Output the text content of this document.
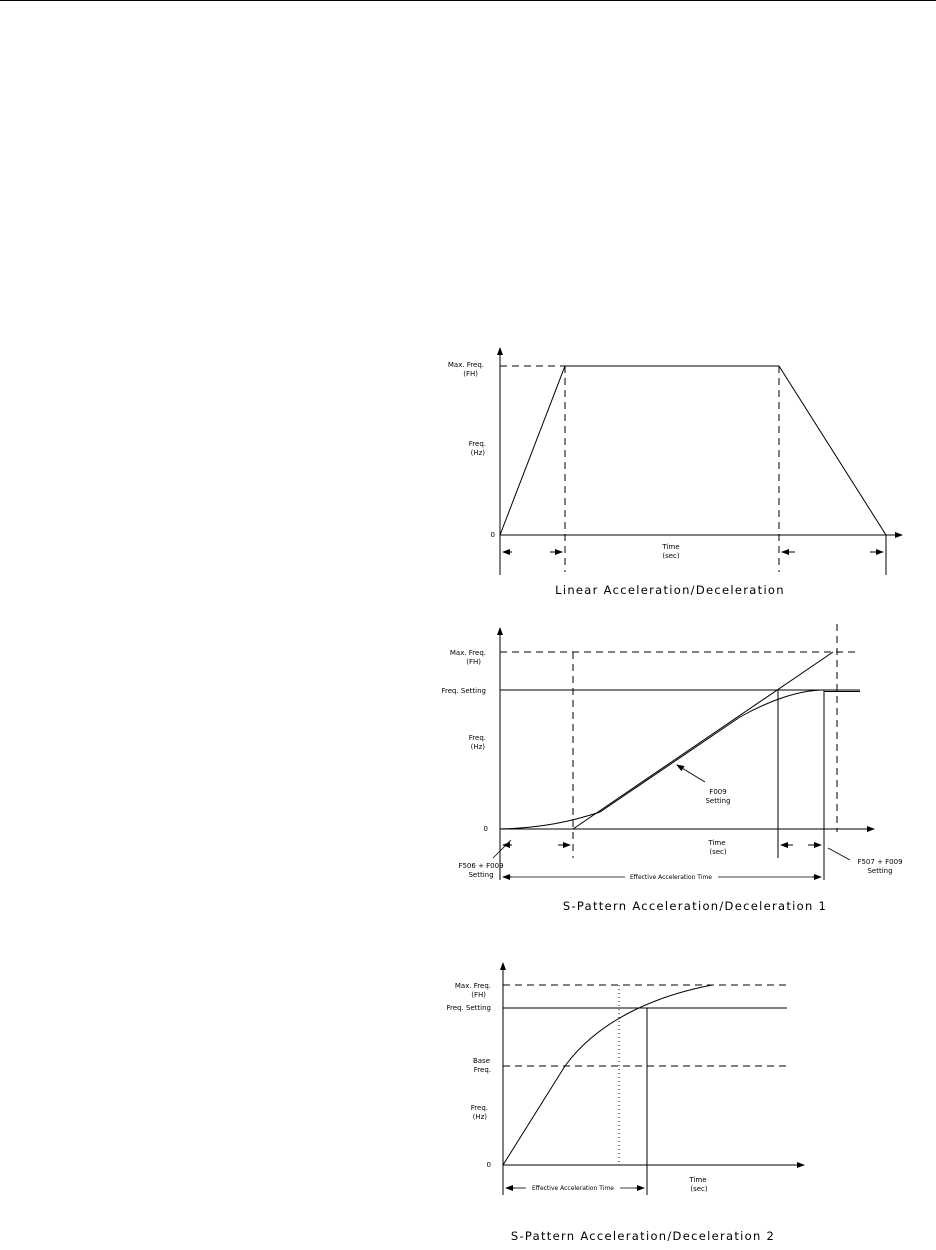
Max. Freq.
(FH)
Freq.
(Hz)
0
Time
(sec)
Linear Acceleration/Deceleration
Max. Freq.
(FH)
Freq. Setting
Freq.
(Hz)
0
F009
Setting
Time
(sec)
F506 + F009
Setting
F507 + F009
Setting
Effective Acceleration Time
S-Pattern Acceleration/Deceleration 1
Max. Freq.
(FH)
Freq. Setting
Base
Freq.
Freq.
(Hz)
0
Time
(sec)
Effective Acceleration Time
S-Pattern Acceleration/Deceleration 2
